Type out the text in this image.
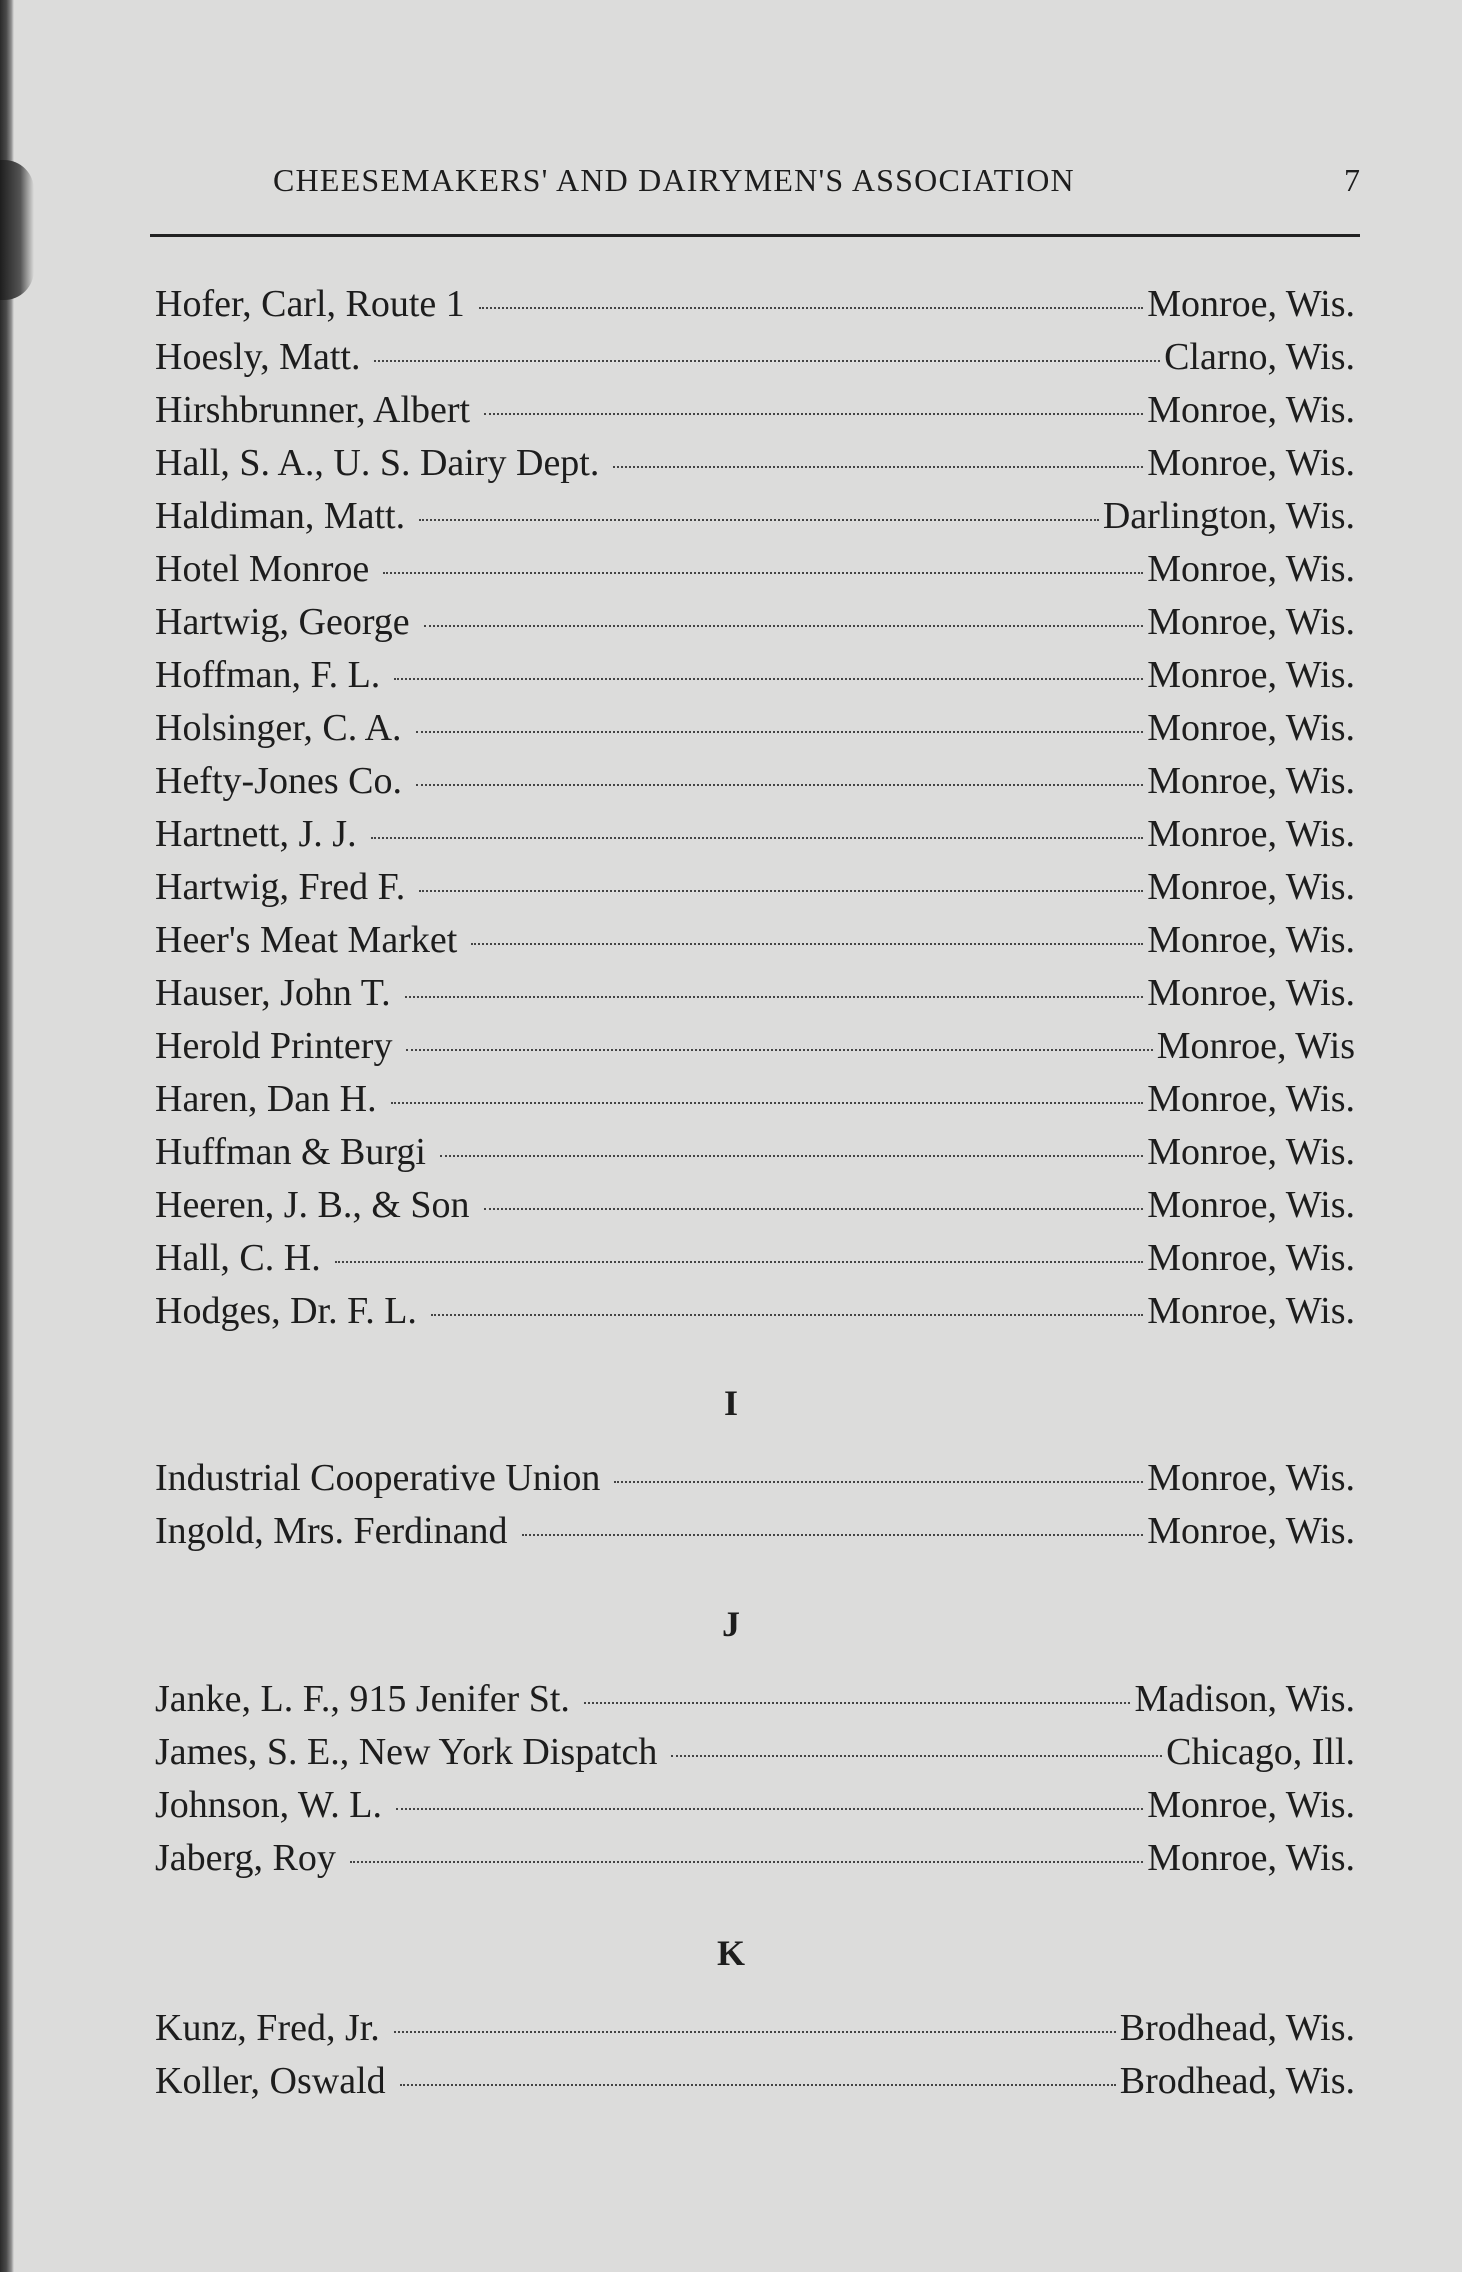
CHEESEMAKERS' AND DAIRYMEN'S ASSOCIATION	7
Hofer, Carl, Route 1	Monroe, Wis.
Hoesly, Matt.	Clarno, Wis.
Hirshbrunner, Albert	Monroe, Wis.
Hall, S. A., U. S. Dairy Dept.	Monroe, Wis.
Haldiman, Matt.	Darlington, Wis.
Hotel Monroe	Monroe, Wis.
Hartwig, George	Monroe, Wis.
Hoffman, F. L.	Monroe, Wis.
Holsinger, C. A.	Monroe, Wis.
Hefty-Jones Co.	Monroe, Wis.
Hartnett, J. J.	Monroe, Wis.
Hartwig, Fred F.	Monroe, Wis.
Heer's Meat Market	Monroe, Wis.
Hauser, John T.	Monroe, Wis.
Herold Printery	Monroe, Wis
Haren, Dan H.	Monroe, Wis.
Huffman & Burgi	Monroe, Wis.
Heeren, J. B., & Son	Monroe, Wis.
Hall, C. H.	Monroe, Wis.
Hodges, Dr. F. L.	Monroe, Wis.
I
Industrial Cooperative Union	Monroe, Wis.
Ingold, Mrs. Ferdinand	Monroe, Wis.
J
Janke, L. F., 915 Jenifer St.	Madison, Wis.
James, S. E., New York Dispatch	Chicago, Ill.
Johnson, W. L.	Monroe, Wis.
Jaberg, Roy	Monroe, Wis.
K
Kunz, Fred, Jr.	Brodhead, Wis.
Koller, Oswald	Brodhead, Wis.
